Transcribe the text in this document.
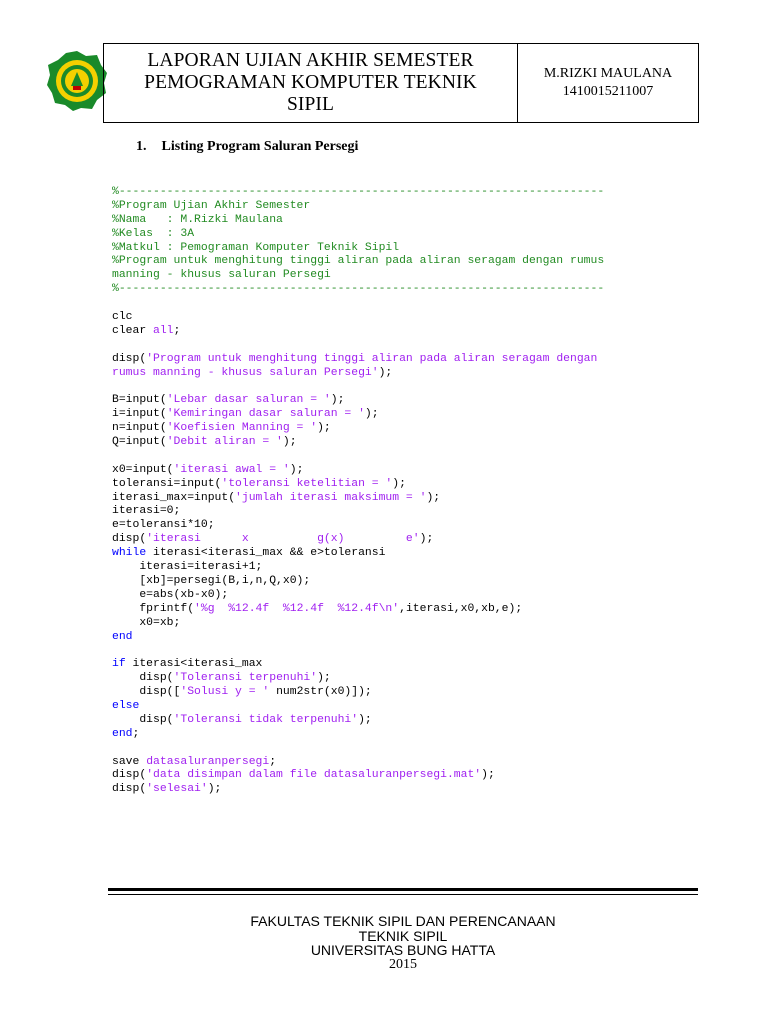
LAPORAN UJIAN AKHIR SEMESTER
PEMOGRAMAN KOMPUTER TEKNIK
SIPIL
M.RIZKI MAULANA
1410015211007
1. Listing Program Saluran Persegi
%-----------------------------------------------------------------------
%Program Ujian Akhir Semester
%Nama   : M.Rizki Maulana
%Kelas  : 3A
%Matkul : Pemograman Komputer Teknik Sipil
%Program untuk menghitung tinggi aliran pada aliran seragam dengan rumus
manning - khusus saluran Persegi
%-----------------------------------------------------------------------
clc
clear all;
disp('Program untuk menghitung tinggi aliran pada aliran seragam dengan
rumus manning - khusus saluran Persegi');
B=input('Lebar dasar saluran = ');
i=input('Kemiringan dasar saluran = ');
n=input('Koefisien Manning = ');
Q=input('Debit aliran = ');
x0=input('iterasi awal = ');
toleransi=input('toleransi ketelitian = ');
iterasi_max=input('jumlah iterasi maksimum = ');
iterasi=0;
e=toleransi*10;
disp('iterasi      x          g(x)         e');
while iterasi<iterasi_max && e>toleransi
iterasi=iterasi+1;
[xb]=persegi(B,i,n,Q,x0);
e=abs(xb-x0);
fprintf('%g  %12.4f  %12.4f  %12.4f\n',iterasi,x0,xb,e);
x0=xb;
end
if iterasi<iterasi_max
disp('Toleransi terpenuhi');
disp(['Solusi y = ' num2str(x0)]);
else
disp('Toleransi tidak terpenuhi');
end;
save datasaluranpersegi;
disp('data disimpan dalam file datasaluranpersegi.mat');
disp('selesai');
FAKULTAS TEKNIK SIPIL DAN PERENCANAAN
TEKNIK SIPIL
UNIVERSITAS BUNG HATTA
2015
